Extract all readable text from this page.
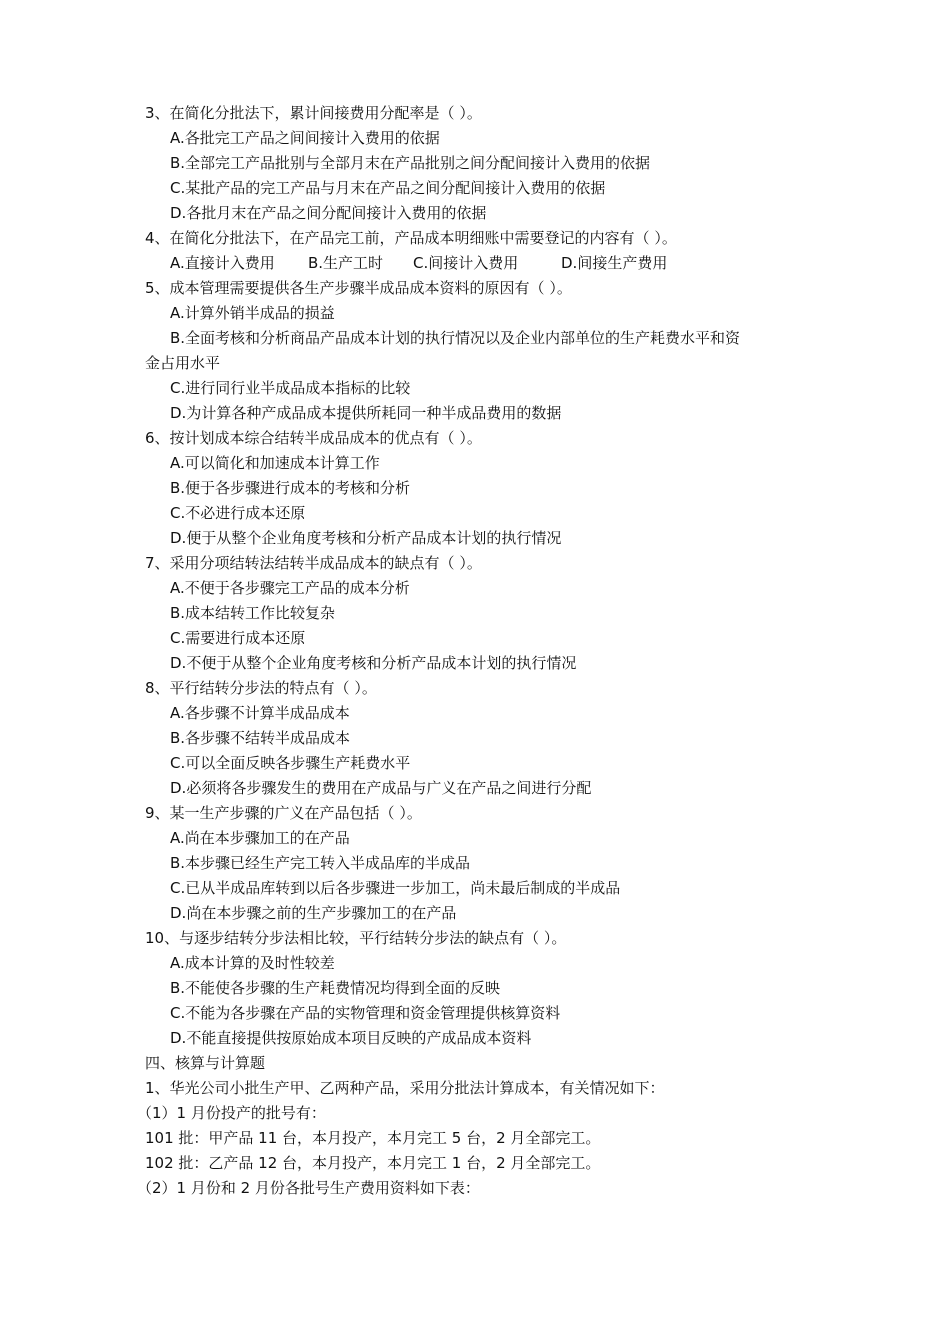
3、在简化分批法下，累计间接费用分配率是（ ）。
A.各批完工产品之间间接计入费用的依据
B.全部完工产品批别与全部月末在产品批别之间分配间接计入费用的依据
C.某批产品的完工产品与月末在产品之间分配间接计入费用的依据
D.各批月末在产品之间分配间接计入费用的依据
4、在简化分批法下，在产品完工前，产品成本明细账中需要登记的内容有（ ）。
A.直接计入费用 B.生产工时 C.间接计入费用	D.间接生产费用
5、成本管理需要提供各生产步骤半成品成本资料的原因有（ ）。
A.计算外销半成品的损益
B.全面考核和分析商品产品成本计划的执行情况以及企业内部单位的生产耗费水平和资
金占用水平
C.进行同行业半成品成本指标的比较
D.为计算各种产成品成本提供所耗同一种半成品费用的数据
6、按计划成本综合结转半成品成本的优点有（ ）。
A.可以简化和加速成本计算工作
B.便于各步骤进行成本的考核和分析
C.不必进行成本还原
D.便于从整个企业角度考核和分析产品成本计划的执行情况
7、采用分项结转法结转半成品成本的缺点有（ ）。
A.不便于各步骤完工产品的成本分析
B.成本结转工作比较复杂
C.需要进行成本还原
D.不便于从整个企业角度考核和分析产品成本计划的执行情况
8、平行结转分步法的特点有（ ）。
A.各步骤不计算半成品成本
B.各步骤不结转半成品成本
C.可以全面反映各步骤生产耗费水平
D.必须将各步骤发生的费用在产成品与广义在产品之间进行分配
9、某一生产步骤的广义在产品包括（ ）。
A.尚在本步骤加工的在产品
B.本步骤已经生产完工转入半成品库的半成品
C.已从半成品库转到以后各步骤进一步加工，尚未最后制成的半成品
D.尚在本步骤之前的生产步骤加工的在产品
10、与逐步结转分步法相比较，平行结转分步法的缺点有（ ）。
A.成本计算的及时性较差
B.不能使各步骤的生产耗费情况均得到全面的反映
C.不能为各步骤在产品的实物管理和资金管理提供核算资料
D.不能直接提供按原始成本项目反映的产成品成本资料
四、核算与计算题
1、华光公司小批生产甲、乙两种产品，采用分批法计算成本，有关情况如下：
（1）1 月份投产的批号有：
101 批：甲产品 11 台，本月投产，本月完工 5 台，2 月全部完工。
102 批：乙产品 12 台，本月投产，本月完工 1 台，2 月全部完工。
（2）1 月份和 2 月份各批号生产费用资料如下表：
